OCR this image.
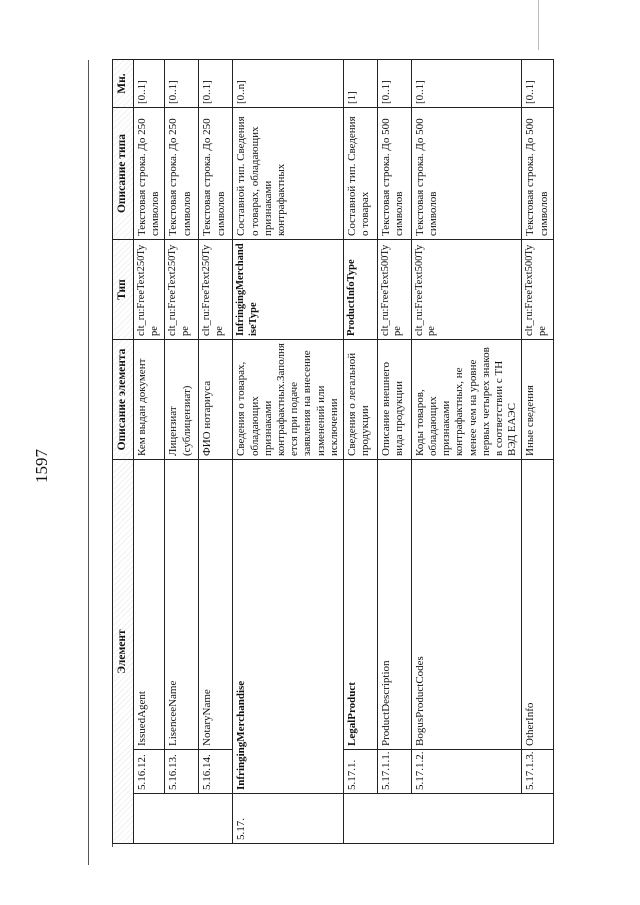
1597
Элемент			Описание элемента	Тип	Описание типа	Мн.
	5.16.12.	IssuedAgent	Кем выдан документ	clt_ru:FreeText250Type	Текстовая строка. До 250 символов	[0..1]
	5.16.13.	LisenceeName	Лицензиат (сублицензиат)	clt_ru:FreeText250Type	Текстовая строка. До 250 символов	[0..1]
	5.16.14.	NotaryName	ФИО нотариуса	clt_ru:FreeText250Type	Текстовая строка. До 250 символов	[0..1]
5.17.	InfringingMerchandise		Сведения о товарах, обладающих признаками контрафактных.Заполняется при подаче заявления на внесение изменений или исключении	InfringingMerchandiseType	Составной тип. Сведения о товарах, обладающих признаками контрафактных	[0..n]
	5.17.1.	LegalProduct	Сведения о легальной продукции	ProductInfoType	Составной тип. Сведения о товарах	[1]
	5.17.1.1.	ProductDescription	Описание внешнего вида продукции	clt_ru:FreeText500Type	Текстовая строка. До 500 символов	[0..1]
	5.17.1.2.	BogusProductCodes	Коды товаров, обладающих признаками контрафактных, не менее чем на уровне первых четырех знаков в соответствии с ТН ВЭД ЕАЭС	clt_ru:FreeText500Type	Текстовая строка. До 500 символов	[0..1]
	5.17.1.3.	OtherInfo	Иные сведения	clt_ru:FreeText500Type	Текстовая строка. До 500 символов	[0..1]
